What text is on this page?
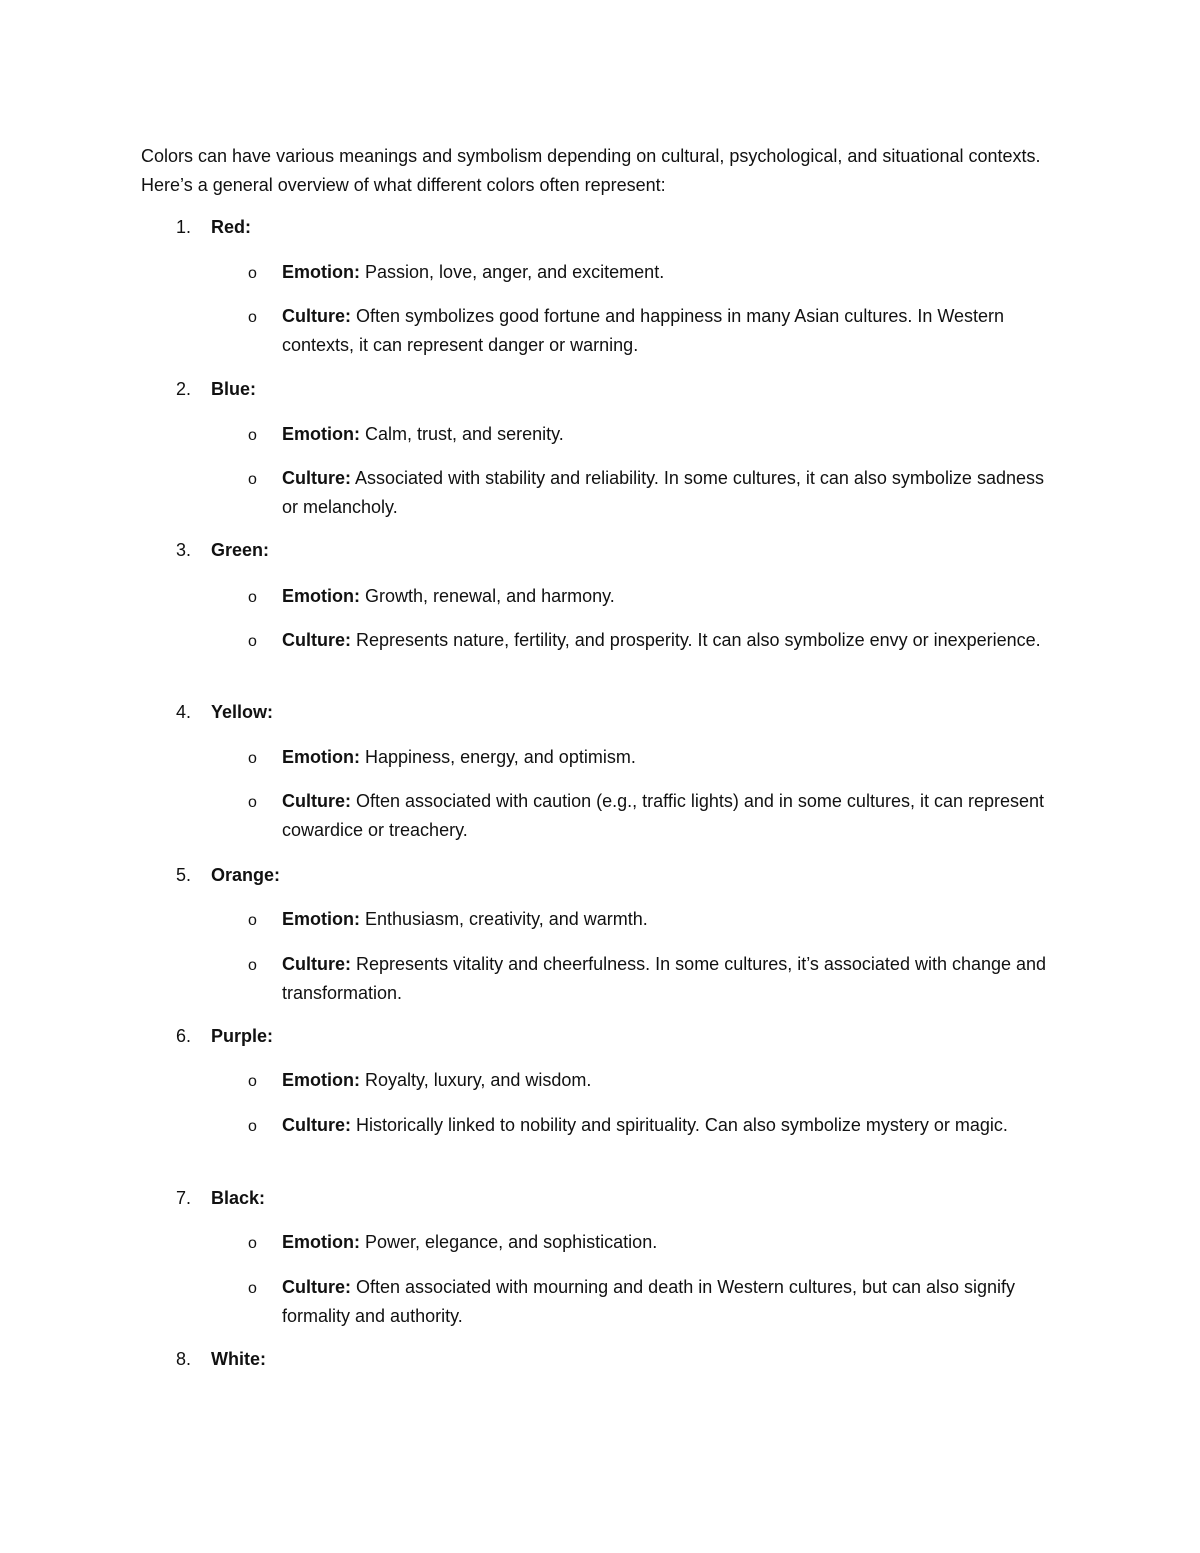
Colors can have various meanings and symbolism depending on cultural, psychological, and situational contexts. Here’s a general overview of what different colors often represent:

1.	Red:
o Emotion: Passion, love, anger, and excitement.

o Culture: Often symbolizes good fortune and happiness in many Asian cultures. In Western contexts, it can represent danger or warning.

2.	Blue:
o Emotion: Calm, trust, and serenity.

o Culture: Associated with stability and reliability. In some cultures, it can also symbolize sadness or melancholy.

3.	Green:
o Emotion: Growth, renewal, and harmony.

o Culture: Represents nature, fertility, and prosperity. It can also symbolize envy or inexperience.

4.	Yellow:
o Emotion: Happiness, energy, and optimism.

o Culture: Often associated with caution (e.g., traffic lights) and in some cultures, it can represent cowardice or treachery.

5.	Orange:
o Emotion: Enthusiasm, creativity, and warmth.

o Culture: Represents vitality and cheerfulness. In some cultures, it’s associated with change and transformation.

6.	Purple:
o Emotion: Royalty, luxury, and wisdom.

o Culture: Historically linked to nobility and spirituality. Can also symbolize mystery or magic.

7.	Black:
o Emotion: Power, elegance, and sophistication.

o Culture: Often associated with mourning and death in Western cultures, but can also signify formality and authority.

8.	White:
